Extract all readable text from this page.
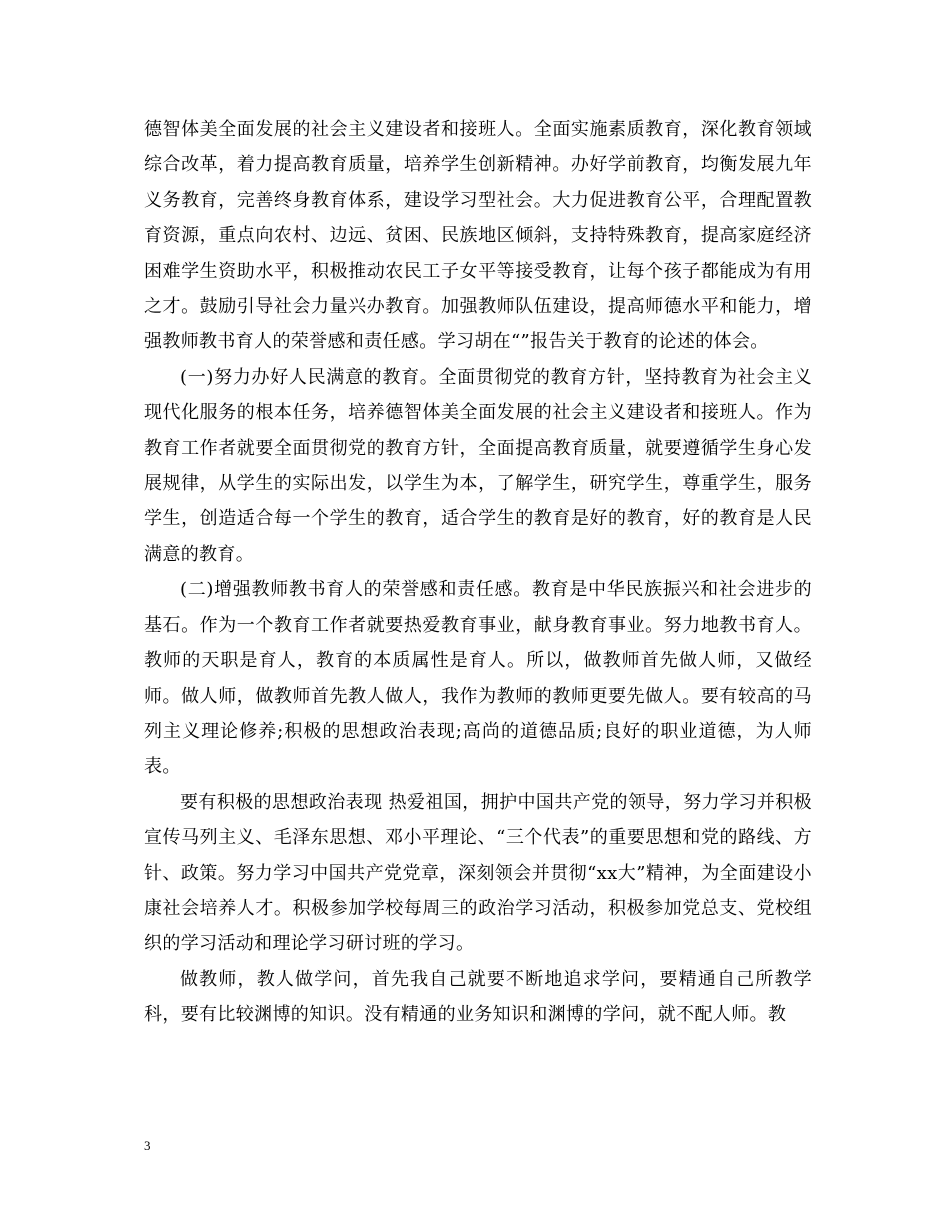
德智体美全面发展的社会主义建设者和接班人。全面实施素质教育，深化教育领域综合改革，着力提高教育质量，培养学生创新精神。办好学前教育，均衡发展九年义务教育，完善终身教育体系，建设学习型社会。大力促进教育公平，合理配置教育资源，重点向农村、边远、贫困、民族地区倾斜，支持特殊教育，提高家庭经济困难学生资助水平，积极推动农民工子女平等接受教育，让每个孩子都能成为有用之才。鼓励引导社会力量兴办教育。加强教师队伍建设，提高师德水平和能力，增强教师教书育人的荣誉感和责任感。学习胡在“”报告关于教育的论述的体会。

(一)努力办好人民满意的教育。全面贯彻党的教育方针，坚持教育为社会主义现代化服务的根本任务，培养德智体美全面发展的社会主义建设者和接班人。作为教育工作者就要全面贯彻党的教育方针，全面提高教育质量，就要遵循学生身心发展规律，从学生的实际出发，以学生为本，了解学生，研究学生，尊重学生，服务学生，创造适合每一个学生的教育，适合学生的教育是好的教育，好的教育是人民满意的教育。

(二)增强教师教书育人的荣誉感和责任感。教育是中华民族振兴和社会进步的基石。作为一个教育工作者就要热爱教育事业，献身教育事业。努力地教书育人。教师的天职是育人，教育的本质属性是育人。所以，做教师首先做人师，又做经师。做人师，做教师首先教人做人，我作为教师的教师更要先做人。要有较高的马列主义理论修养;积极的思想政治表现;高尚的道德品质;良好的职业道德，为人师表。

要有积极的思想政治表现 热爱祖国，拥护中国共产党的领导，努力学习并积极宣传马列主义、毛泽东思想、邓小平理论、“三个代表”的重要思想和党的路线、方针、政策。努力学习中国共产党党章，深刻领会并贯彻“xx大”精神，为全面建设小康社会培养人才。积极参加学校每周三的政治学习活动，积极参加党总支、党校组织的学习活动和理论学习研讨班的学习。

做教师，教人做学问，首先我自己就要不断地追求学问，要精通自己所教学科，要有比较渊博的知识。没有精通的业务知识和渊博的学问，就不配人师。教

3
